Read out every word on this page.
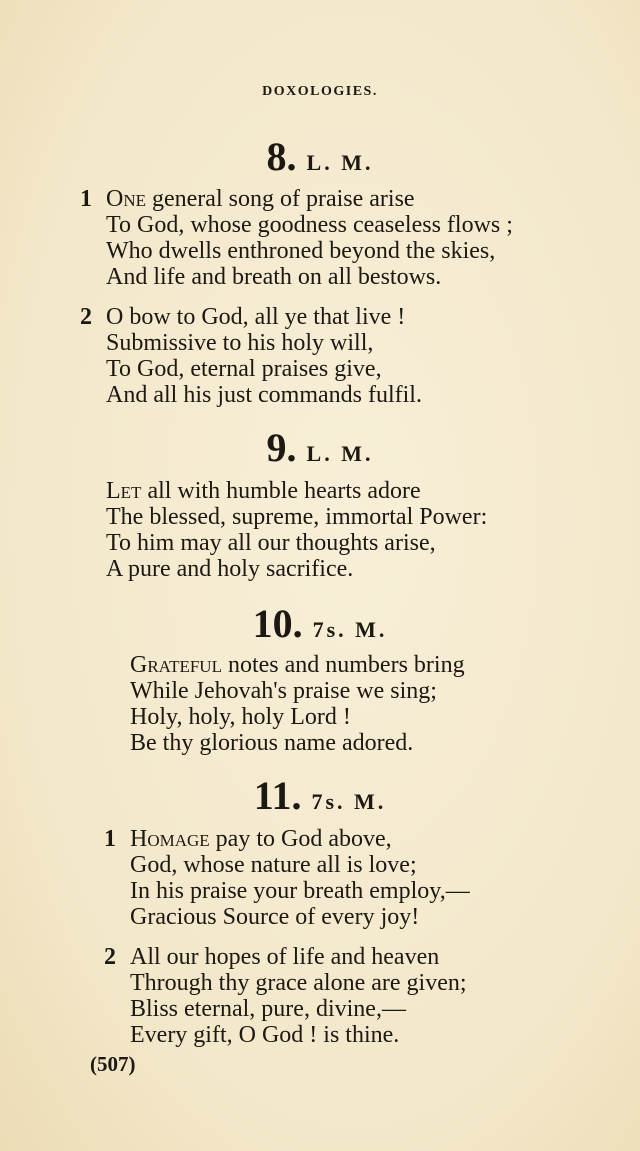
DOXOLOGIES.
8. L. M.
1 One general song of praise arise
To God, whose goodness ceaseless flows ;
Who dwells enthroned beyond the skies,
And life and breath on all bestows.
2 O bow to God, all ye that live !
Submissive to his holy will,
To God, eternal praises give,
And all his just commands fulfil.
9. L. M.
Let all with humble hearts adore
The blessed, supreme, immortal Power:
To him may all our thoughts arise,
A pure and holy sacrifice.
10. 7s. M.
Grateful notes and numbers bring
While Jehovah's praise we sing;
Holy, holy, holy Lord !
Be thy glorious name adored.
11. 7s. M.
1 Homage pay to God above,
God, whose nature all is love;
In his praise your breath employ,—
Gracious Source of every joy!
2 All our hopes of life and heaven
Through thy grace alone are given;
Bliss eternal, pure, divine,—
Every gift, O God ! is thine.
(507)
